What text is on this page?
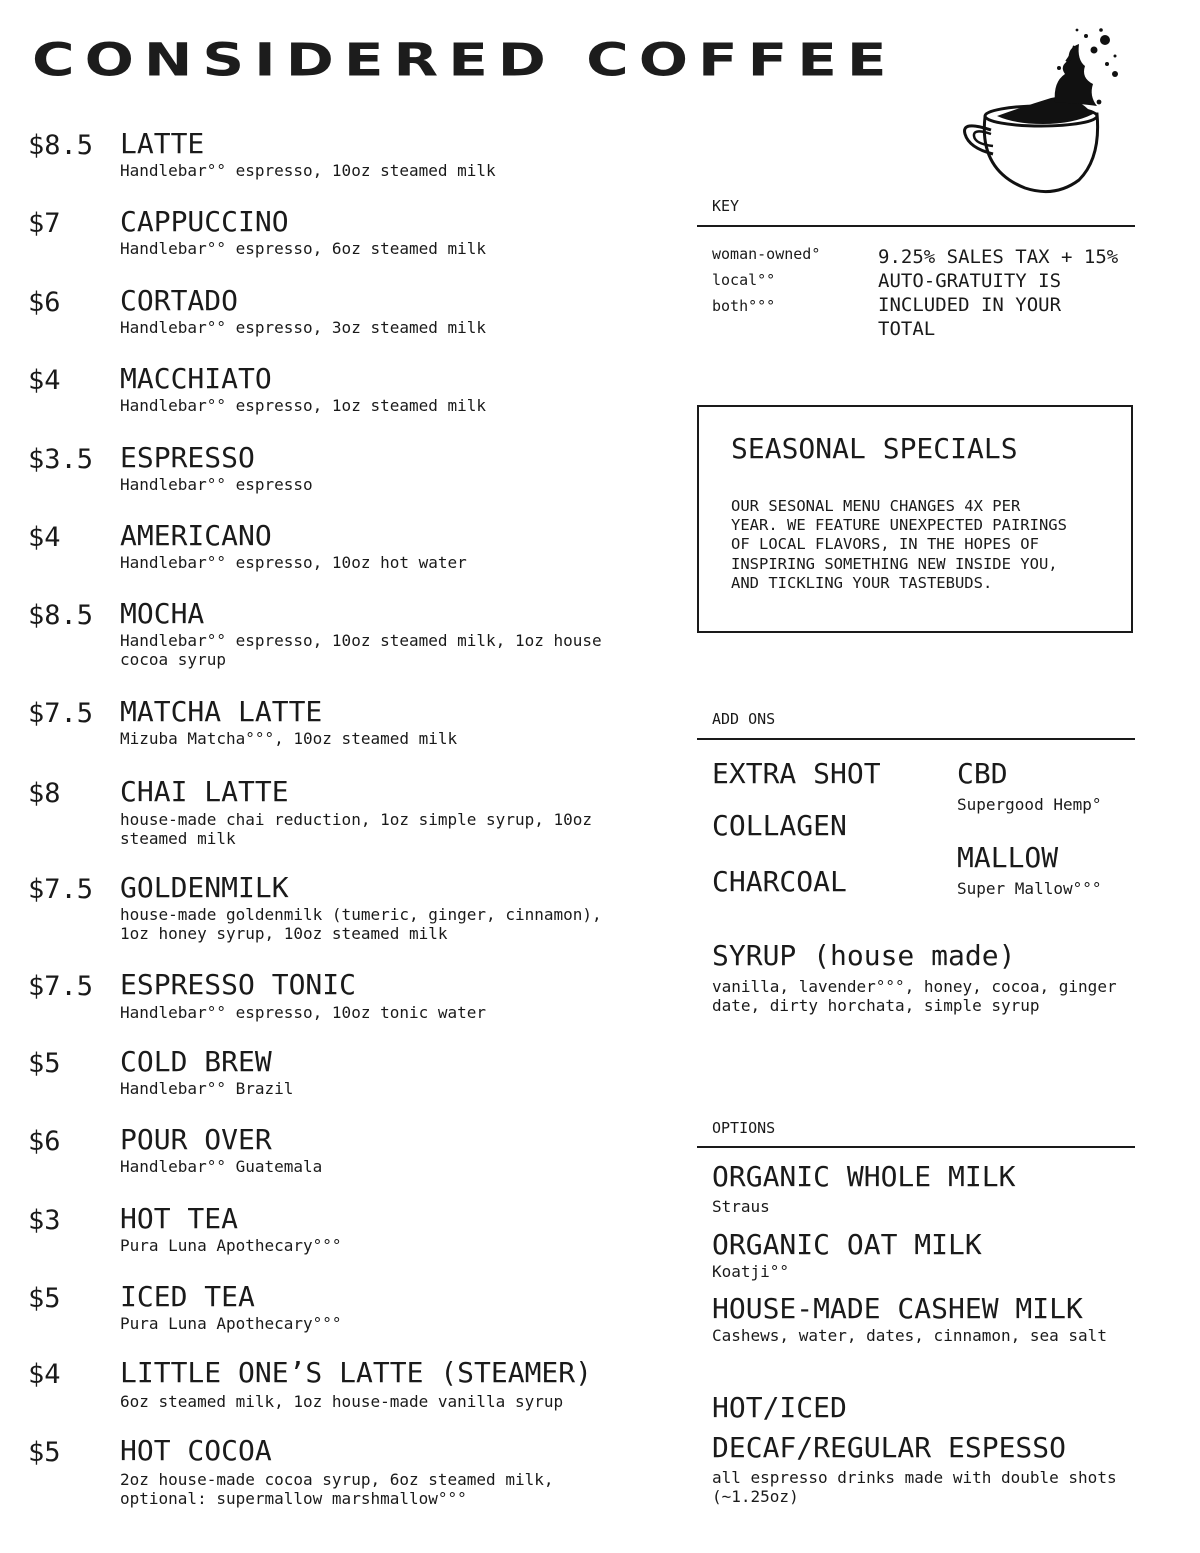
CONSIDERED COFFEE
$8.5 LATTE
Handlebar°° espresso, 10oz steamed milk
$7	CAPPUCCINO
Handlebar°° espresso, 6oz steamed milk
$6	CORTADO
Handlebar°° espresso, 3oz steamed milk
$4	MACCHIATO
Handlebar°° espresso, 1oz steamed milk
$3.5 ESPRESSO
Handlebar°° espresso
$4	AMERICANO
Handlebar°° espresso, 10oz hot water
$8.5 MOCHA
Handlebar°° espresso, 10oz steamed milk, 1oz house cocoa syrup
$7.5 MATCHA LATTE
Mizuba Matcha°°°, 10oz steamed milk
$8	CHAI LATTE
house-made chai reduction, 1oz simple syrup, 10oz steamed milk
$7.5 GOLDENMILK
house-made goldenmilk (tumeric, ginger, cinnamon), 1oz honey syrup, 10oz steamed milk
$7.5 ESPRESSO TONIC
Handlebar°° espresso, 10oz tonic water
$5	COLD BREW
Handlebar°° Brazil
$6	POUR OVER
Handlebar°° Guatemala
$3	HOT TEA
Pura Luna Apothecary°°°
$5	ICED TEA
Pura Luna Apothecary°°°
$4	LITTLE ONE’S LATTE (STEAMER)
6oz steamed milk, 1oz house-made vanilla syrup
$5	HOT COCOA
2oz house-made cocoa syrup, 6oz steamed milk, optional: supermallow marshmallow°°°
KEY
woman-owned°
local°°
both°°°
9.25% SALES TAX + 15% AUTO-GRATUITY IS INCLUDED IN YOUR TOTAL
SEASONAL SPECIALS
OUR SESONAL MENU CHANGES 4X PER YEAR. WE FEATURE UNEXPECTED PAIRINGS OF LOCAL FLAVORS, IN THE HOPES OF INSPIRING SOMETHING NEW INSIDE YOU, AND TICKLING YOUR TASTEBUDS.
ADD ONS
EXTRA SHOT
COLLAGEN
CHARCOAL
CBD
Supergood Hemp°
MALLOW
Super Mallow°°°
SYRUP (house made)
vanilla, lavender°°°, honey, cocoa, ginger date, dirty horchata, simple syrup
OPTIONS
ORGANIC WHOLE MILK
Straus
ORGANIC OAT MILK
Koatji°°
HOUSE-MADE CASHEW MILK
Cashews, water, dates, cinnamon, sea salt
HOT/ICED
DECAF/REGULAR ESPESSO
all espresso drinks made with double shots (~1.25oz)
